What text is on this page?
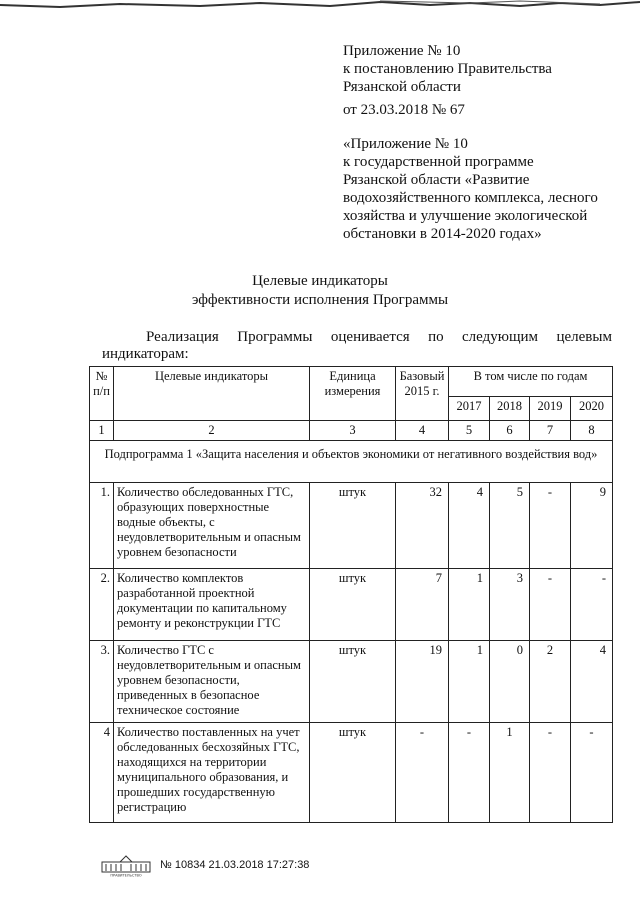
Приложение № 10
к постановлению Правительства
Рязанской области
от 23.03.2018 № 67
«Приложение № 10
к государственной программе
Рязанской области «Развитие
водохозяйственного комплекса, лесного
хозяйства и улучшение экологической
обстановки в 2014-2020 годах»
Целевые индикаторы
эффективности исполнения Программы
Реализация Программы оценивается по следующим целевым
индикаторам:
№ п/п	Целевые индикаторы	Единица измерения	Базовый 2015 г.	В том числе по годам			
				2017	2018	2019	2020
1	2	3	4	5	6	7	8
Подпрограмма 1 «Защита населения и объектов экономики от негативного воздействия вод»							
1.	Количество обследованных ГТС, образующих поверхностные водные объекты, с неудовлетворительным и опасным уровнем безопасности	штук	32	4	5	-	9
2.	Количество комплектов разработанной проектной документации по капитальному ремонту и реконструкции ГТС	штук	7	1	3	-	-
3.	Количество ГТС с неудовлетворительным и опасным уровнем безопасности, приведенных в безопасное техническое состояние	штук	19	1	0	2	4
4	Количество поставленных на учет обследованных бесхозяйных ГТС, находящихся на территории муниципального образования, и прошедших государственную регистрацию	штук	-	-	1	-	-
ПРАВИТЕЛЬСТВО
№ 10834 21.03.2018 17:27:38
